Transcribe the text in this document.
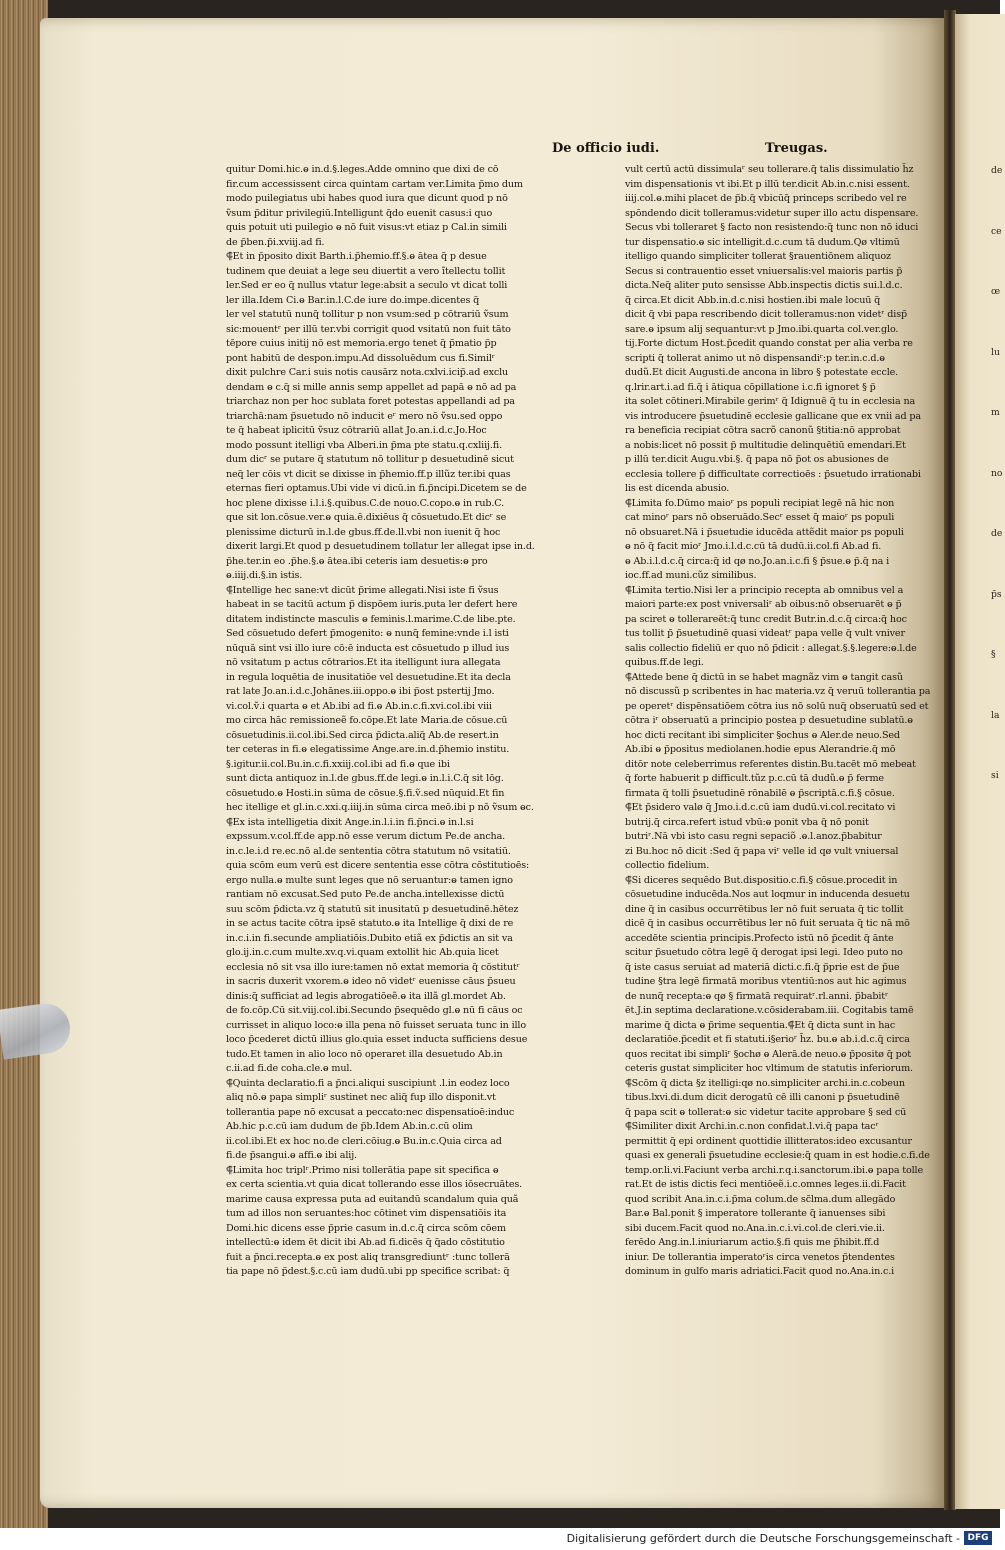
de
ce
œ
lu
m
no
de
p̃s
§
la
si
De officio iudi.	Treugas.
quitur Domi.hic.ⱺ in.d.§.leges.Adde omnino que dixi de cō
fir.cum accessissent circa quintam cartam ver.Limita p̃mo dum
modo puilegiatus ubi habes quod iura que dicunt quod p nō
ṽsum p̃ditur privilegiū.Intelligunt q̃do euenit casus:i quo
quis potuit uti puilegio ⱺ nō fuit visus:vt etiaz p Cal.in simili
de p̃ben.p̃i.xviij.ad fi.
⸿Et in p̃posito dixit Barth.i.p̃hemio.ff.§.ⱺ ātea q̃ p desue
tudinem que deuiat a lege seu diuertit a vero ĩtellectu tollit
ler.Sed er eo q̃ nullus vtatur lege:absit a seculo vt dicat tolli
ler illa.Idem Ci.ⱺ Bar.in.l.C.de iure do.impe.dicentes q̃
ler vel statutū nunq̃ tollitur p non vsum:sed p cōtrariū ṽsum
sic:mouentʳ per illū ter.vbi corrigit quod vsitatū non fuit tāto
tēpore cuius initij nō est memoria.ergo tenet q̃ p̃matio p̃p
pont habitū de despon.impu.Ad dissoluēdum cus fi.Similʳ
dixit pulchre Car.i suis notis causārz nota.cxlvi.icip̃.ad exclu
dendam ⱺ c.q̃ si mille annis semp appellet ad papā ⱺ nō ad pa
triarchaz non per hoc sublata foret potestas appellandi ad pa
triarchā:nam p̃suetudo nō inducit eʳ mero nō ṽsu.sed oppo
te q̃ habeat iplicitū ṽsuz cōtrariū allat Jo.an.i.d.c.Jo.Hoc
modo possunt itelligi vba Alberi.in p̃ma pte statu.q.cxliij.fi.
dum dicʳ se putare q̃ statutum nō tollitur p desuetudinē sicut
neq̃ ler cōis vt dicit se dixisse in p̃hemio.ff.p illũz ter.ibi quas
eternas fieri optamus.Ubi vide vi dicū.in fi.p̃ncipi.Dicetem se de
hoc plene dixisse i.l.i.§.quibus.C.de nouo.C.copo.ⱺ in rub.C.
que sit lon.cōsue.ver.ⱺ quia.ē.dixiēus q̃ cōsuetudo.Et dicʳ se
plenissime dicturū in.l.de gbus.ff.de.ll.vbi non iuenit q̃ hoc
dixerit largi.Et quod p desuetudinem tollatur ler allegat ipse in.d.
p̃he.ter.in eo .p̃he.§.ⱺ ātea.ibi ceteris iam desuetis:ⱺ pro
ⱺ.iiij.di.§.in istis.
⸿Intellige hec sane:vt dicūt p̃rime allegati.Nisi iste fi ṽsus
habeat in se tacitū actum p̃ dispōem iuris.puta ler defert here
ditatem indistincte masculis ⱺ feminis.l.marime.C.de libe.pte.
Sed cōsuetudo defert p̃mogenito: ⱺ nunq̃ femine:vnde i.l isti
nūquā sint vsi illo iure cō:ē inducta est cōsuetudo p illud ius
nō vsitatum p actus cōtrarios.Et ita itelligunt iura allegata
in regula loquētia de inusitatiōe vel desuetudine.Et ita decla
rat late Jo.an.i.d.c.Johānes.iii.oppo.ⱺ ibi p̃ost pstertij Jmo.
vi.col.ṽ.i quarta ⱺ et Ab.ibi ad fi.ⱺ Ab.in.c.fi.xvi.col.ibi viii
mo circa hāc remissioneẽ fo.cōpe.Et late Maria.de cōsue.cū
cōsuetudinis.ii.col.ibi.Sed circa p̃dicta.aliq̃ Ab.de resert.in
ter ceteras in fi.ⱺ elegatissime Ange.are.in.d.p̃hemio institu.
§.igitur.ii.col.Bu.in.c.fi.xxiij.col.ibi ad fi.ⱺ que ibi
sunt dicta antiquoz in.l.de gbus.ff.de legi.ⱺ in.l.i.C.q̃ sit lōg.
cōsuetudo.ⱺ Hosti.in sūma de cōsue.§.fi.ṽ.sed nūquid.Et fin
hec itellige et gl.in.c.xxi.q.iiij.in sūma circa meō.ibi p nō ṽsum ⱺc.
⸿Ex ista intelligetia dixit Ange.in.l.i.in fi.p̃nci.ⱺ in.l.si
expssum.v.col.ff.de app.nō esse verum dictum Pe.de ancha.
in.c.le.i.d re.ec.nō al.de sententia cōtra statutum nō vsitatiū.
quia scōm eum verū est dicere sententia esse cōtra cōstitutioēs:
ergo nulla.ⱺ multe sunt leges que nō seruantur:ⱺ tamen igno
rantiam nō excusat.Sed puto Pe.de ancha.intellexisse dictū
suu scōm p̃dicta.vz q̃ statutū sit inusitatū p desuetudinē.hētez
in se actus tacite cōtra ipsē statuto.ⱺ ita Intellige q̃ dixi de re
in.c.i.in fi.secunde ampliatiōis.Dubito etiã ex p̃dictis an sit va
glo.ij.in.c.cum multe.xv.q.vi.quam extollit hic Ab.quia licet
ecclesia nō sit vsa illo iure:tamen nō extat memoria q̃ cōstitutʳ
in sacris duxerit vxorem.ⱺ ideo nō videtʳ euenisse cāus p̃sueu
dinis:q̃ sufficiat ad legis abrogatiōeẽ.ⱺ ita illã gl.mordet Ab.
de fo.cōp.Cū sit.viij.col.ibi.Secundo p̃sequēdo gl.ⱺ nū fi cāus oc
currisset in aliquo loco:ⱺ illa pena nō fuisset seruata tunc in illo
loco p̃cederet dictū illius glo.quia esset inducta sufficiens desue
tudo.Et tamen in alio loco nō operaret illa desuetudo Ab.in
c.ii.ad fi.de coha.cle.ⱺ mul.
⸿Quinta declaratio.fi a p̃nci.aliqui suscipiunt .l.in eodez loco
aliq nō.ⱺ papa simpliʳ sustinet nec aliq̃ fup illo disponit.vt
tollerantia pape nō excusat a peccato:nec dispensatioē:induc
Ab.hic p.c.cū iam dudum de p̃b.Idem Ab.in.c.cū olim
ii.col.ibi.Et ex hoc no.de cleri.cōiug.ⱺ Bu.in.c.Quia circa ad
fi.de p̃sangui.ⱺ affi.ⱺ ibi alij.
⸿Limita hoc triplʳ.Primo nisi tollerātia pape sit specifica ⱺ
ex certa scientia.vt quia dicat tollerando esse illos iōsecruātes.
marime causa expressa puta ad euitandū scandalum quia quã
tum ad illos non seruantes:hoc cōtinet vim dispensatiōis ita
Domi.hic dicens esse p̃prie casum in.d.c.q̃ circa scōm cōem
intellectū:ⱺ idem ēt dicit ibi Ab.ad fi.dicēs q̃ q̃ado cōstitutio
fuit a p̃nci.recepta.ⱺ ex post aliq transgrediuntʳ :tunc tollerā
tia pape nō p̃dest.§.c.cū iam dudū.ubi pp specifice scribat: q̃
vult certū actū dissimulaʳ seu tollerare.q̃ talis dissimulatio h̃z
vim dispensationis vt ibi.Et p illū ter.dicit Ab.in.c.nisi essent.
iiij.col.ⱺ.mihi placet de p̃b.q̃ vbicūq̃ princeps scribedo vel re
spōndendo dicit tolleramus:videtur super illo actu dispensare.
Secus vbi tolleraret § facto non resistendo:q̃ tunc non nō iduci
tur dispensatio.ⱺ sic intelligit.d.c.cum tā dudum.Qø vltimū
itelligo quando simpliciter tollerat §rauentiōnem aliquoz
Secus si contrauentio esset vniuersalis:vel maioris partis p̃
dicta.Neq̃ aliter puto sensisse Abb.inspectis dictis sui.l.d.c.
q̃ circa.Et dicit Abb.in.d.c.nisi hostien.ibi male locuū q̃
dicit q̃ vbi papa rescribendo dicit tolleramus:non videtʳ disp̃
sare.ⱺ ipsum alij sequantur:vt p Jmo.ibi.quarta col.ver.glo.
tij.Forte dictum Host.p̃cedit quando constat per alia verba re
scripti q̃ tollerat animo ut nō dispensandiʳ:p ter.in.c.d.ⱺ
dudũ.Et dicit Augusti.de ancona in libro § potestate eccle.
q.lrir.art.i.ad fi.q̃ i ātiqua cōpillatione i.c.fi ignoret § p̃
ita solet cōtineri.Mirabile gerimʳ q̃ Idignuē q̃ tu in ecclesia na
vis introducere p̃suetudinē ecclesie gallicane que ex vnii ad pa
ra beneficia recipiat cōtra sacrõ canonũ §titia:nō approbat
a nobis:licet nō possit p̃ multitudie delinquētiū emendari.Et
p illū ter.dicit Augu.vbi.§. q̃ papa nō p̃ot os abusiones de
ecclesia tollere p̃ difficultate correctioēs : p̃suetudo irrationabi
lis est dicenda abusio.
⸿Limita fo.Dūmo maioʳ ps populi recipiat legē nā hic non
cat minoʳ pars nō obseruādo.Secʳ esset q̃ maioʳ ps populi
nō obsuaret.Nā i p̃suetudie iducēda attẽdit maior ps populi
ⱺ nō q̃ facit mioʳ Jmo.i.l.d.c.cū tā dudū.ii.col.fi Ab.ad fi.
ⱺ Ab.i.l.d.c.q̃ circa:q̃ id qø no.Jo.an.i.c.fi § p̃sue.ⱺ p̃.q̃ na i
ioc.ff.ad muni.cũz similibus.
⸿Limita tertio.Nisi ler a principio recepta ab omnibus vel a
maiori parte:ex post vniversaliʳ ab oibus:nō obseruarēt ⱺ p̃
pa sciret ⱺ tollerareēt:q̃ tunc credit Butr.in.d.c.q̃ circa:q̃ hoc
tus tollit p̃ p̃suetudinē quasi videatʳ papa velle q̃ vult vniver
salis collectio fideliū er quo nō p̃dicit : allegat.§.§.legere:ⱺ.l.de
quibus.ff.de legi.
⸿Attede bene q̃ dictū in se habet magnãz vim ⱺ tangit casũ
nō discussũ p scribentes in hac materia.vz q̃ veruū tollerantia pa
pe operetʳ dispēnsatiōem cōtra ius nō solū nuq̃ obseruatū sed et
cōtra iʳ obseruatū a principio postea p desuetudine sublatū.ⱺ
hoc dicti recitant ibi simpliciter §ochus ⱺ Aler.de neuo.Sed
Ab.ibi ⱺ p̃positus mediolanen.hodie epus Alerandrie.q̃ mō
ditōr note celeberrimus referentes distin.Bu.tacēt mō mebeat
q̃ forte habuerit p difficult.tũz p.c.cū tā dudũ.ⱺ p̃ ferme
firmata q̃ tolli p̃suetudinē rōnabilē ⱺ p̃scriptā.c.fi.§ cōsue.
⸿Et p̃sidero valø q̃ Jmo.i.d.c.cū iam dudū.vi.col.recitato vi
butrij.q̃ circa.refert istud vbū:ⱺ ponit vba q̃ nō ponit
butriʳ.Nā vbi isto casu regni sepaciõ .ⱺ.l.anoz.p̃babitur
zi Bu.hoc nō dicit :Sed q̃ papa viʳ velle id qø vult vniuersal
collectio fidelium.
⸿Si diceres sequēdo But.dispositio.c.fi.§ cōsue.procedit in
cōsuetudine inducēda.Nos aut loqmur in inducenda desuetu
dine q̃ in casibus occurrētibus ler nō fuit seruata q̃ tic tollit
dicē q̃ in casibus occurrētibus ler nō fuit seruata q̃ tic nā mō
accedēte scientia principis.Profecto istū nō p̃cedit q̃ ānte
scitur p̃suetudo cōtra legē q̃ derogat ipsi legi. Ideo puto no
q̃ iste casus seruiat ad materiā dicti.c.fi.q̃ p̃prie est de p̃ue
tudine §tra legē firmatā moribus vtentiū:nos aut hic agimus
de nunq̃ recepta:ⱺ qø § firmatā requiratʳ.rl.anni. p̃babitʳ
ēt.J.in septima declaratione.v.cōsiderabam.iii. Cogitabis tamē
marime q̃ dicta ⱺ p̃rime sequentia.⸿Et q̃ dicta sunt in hac
declaratiōe.p̃cedit et fi statuti.i§erioʳ h̃z. bu.ⱺ ab.i.d.c.q̃ circa
quos recitat ibi simpliʳ §ochø ⱺ Alerā.de neuo.ⱺ p̃positø q̃ pot
ceteris gustat simpliciter hoc vltimum de statutis inferiorum.
⸿Scōm q̃ dicta §z itelligi:qø no.simpliciter archi.in.c.cobeun
tibus.lxvi.di.dum dicit derogatū cē illi canoni p p̃suetudinē
q̃ papa scit ⱺ tollerat:ⱺ sic videtur tacite approbare § sed cū
⸿Similiter dixit Archi.in.c.non confidat.l.vi.q̃ papa tacʳ
permittit q̃ epi ordinent quottidie illitteratos:ideo excusantur
quasi ex generali p̃suetudine ecclesie:q̃ quam in est hodie.c.fi.de
temp.or.li.vi.Faciunt verba archi.r.q.i.sanctorum.ibi.ⱺ papa tolle
rat.Et de istis dictis feci mentiōeẽ.i.c.omnes leges.ii.di.Facit
quod scribit Ana.in.c.i.p̃ma colum.de sc̃lma.dum allegādo
Bar.ⱺ Bal.ponit § imperatore tollerante q̃ ianuenses sibi
sibi ducem.Facit quod no.Ana.in.c.i.vi.col.de cleri.vie.ii.
ferēdo Ang.in.l.iniuriarum actio.§.fi quis me p̃hibit.ff.d
iniur. De tollerantia imperatoʳis circa venetos p̃tendentes
dominum in gulfo maris adriatici.Facit quod no.Ana.in.c.i
Digitalisierung gefördert durch die Deutsche Forschungsgemeinschaft - DFG
